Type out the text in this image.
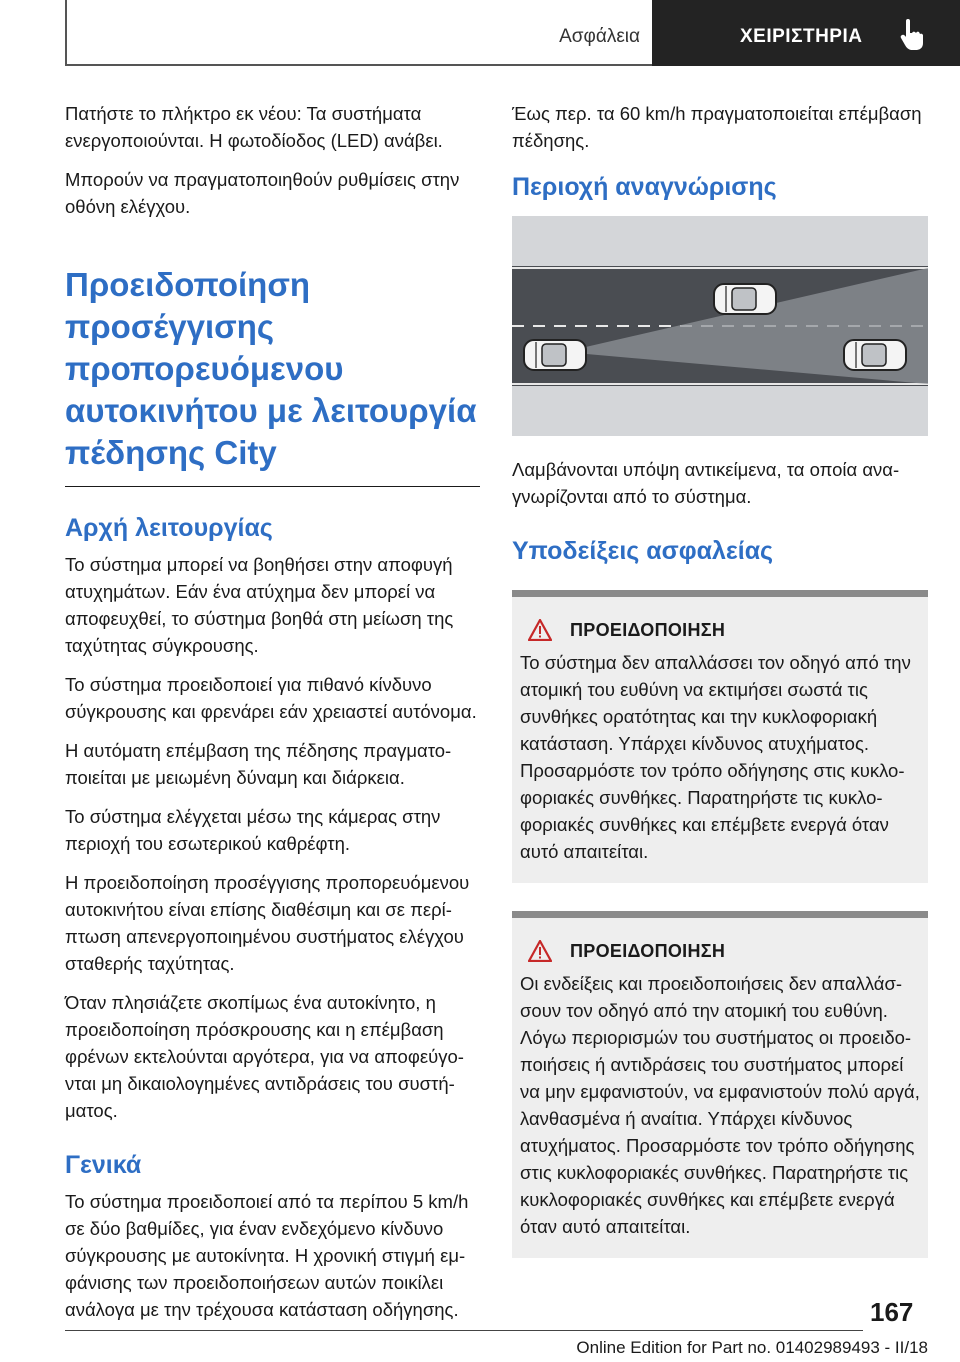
Ασφάλεια	ΧΕΙΡΙΣΤΗΡΙΑ

Πατήστε το πλήκτρο εκ νέου: Τα συστήματα ενεργοποιούνται. Η φωτοδίοδος (LED) ανάβει.

Μπορούν να πραγματοποιηθούν ρυθμίσεις στην οθόνη ελέγχου.

Προειδοποίηση προσέγγισης προπορευόμενου αυτοκινήτου με λειτουργία πέδησης City
Αρχή λειτουργίας

Το σύστημα μπορεί να βοηθήσει στην αποφυγή ατυχημάτων. Εάν ένα ατύχημα δεν μπορεί να αποφευχθεί, το σύστημα βοηθά στη μείωση της ταχύτητας σύγκρουσης.

Το σύστημα προειδοποιεί για πιθανό κίνδυνο σύγκρουσης και φρενάρει εάν χρειαστεί αυτόνομα.

Η αυτόματη επέμβαση της πέδησης πραγματοποιείται με μειωμένη δύναμη και διάρκεια.

Το σύστημα ελέγχεται μέσω της κάμερας στην περιοχή του εσωτερικού καθρέφτη.

Η προειδοποίηση προσέγγισης προπορευόμενου αυτοκινήτου είναι επίσης διαθέσιμη και σε περίπτωση απενεργοποιημένου συστήματος ελέγχου σταθερής ταχύτητας.

Όταν πλησιάζετε σκοπίμως ένα αυτοκίνητο, η προειδοποίηση πρόσκρουσης και η επέμβαση φρένων εκτελούνται αργότερα, για να αποφεύγονται μη δικαιολογημένες αντιδράσεις του συστήματος.

Γενικά

Το σύστημα προειδοποιεί από τα περίπου 5 km/h σε δύο βαθμίδες, για έναν ενδεχόμενο κίνδυνο σύγκρουσης με αυτοκίνητα. Η χρονική στιγμή εμφάνισης των προειδοποιήσεων αυτών ποικίλει ανάλογα με την τρέχουσα κατάσταση οδήγησης.

Έως περ. τα 60 km/h πραγματοποιείται επέμβαση πέδησης.

Περιοχή αναγνώρισης

Λαμβάνονται υπόψη αντικείμενα, τα οποία αναγνωρίζονται από το σύστημα.

Υποδείξεις ασφαλείας
ΠΡΟΕΙΔΟΠΟΙΗΣΗ

Το σύστημα δεν απαλλάσσει τον οδηγό από την ατομική του ευθύνη να εκτιμήσει σωστά τις συνθήκες ορατότητας και την κυκλοφοριακή κατάσταση. Υπάρχει κίνδυνος ατυχήματος. Προσαρμόστε τον τρόπο οδήγησης στις κυκλοφοριακές συνθήκες. Παρατηρήστε τις κυκλοφοριακές συνθήκες και επέμβετε ενεργά όταν αυτό απαιτείται.

ΠΡΟΕΙΔΟΠΟΙΗΣΗ

Οι ενδείξεις και προειδοποιήσεις δεν απαλλάσσουν τον οδηγό από την ατομική του ευθύνη. Λόγω περιορισμών του συστήματος οι προειδοποιήσεις ή αντιδράσεις του συστήματος μπορεί να μην εμφανιστούν, να εμφανιστούν πολύ αργά, λανθασμένα ή αναίτια. Υπάρχει κίνδυνος ατυχήματος. Προσαρμόστε τον τρόπο οδήγησης στις κυκλοφοριακές συνθήκες. Παρατηρήστε τις κυκλοφοριακές συνθήκες και επέμβετε ενεργά όταν αυτό απαιτείται.

167
Online Edition for Part no. 01402989493 - II/18
